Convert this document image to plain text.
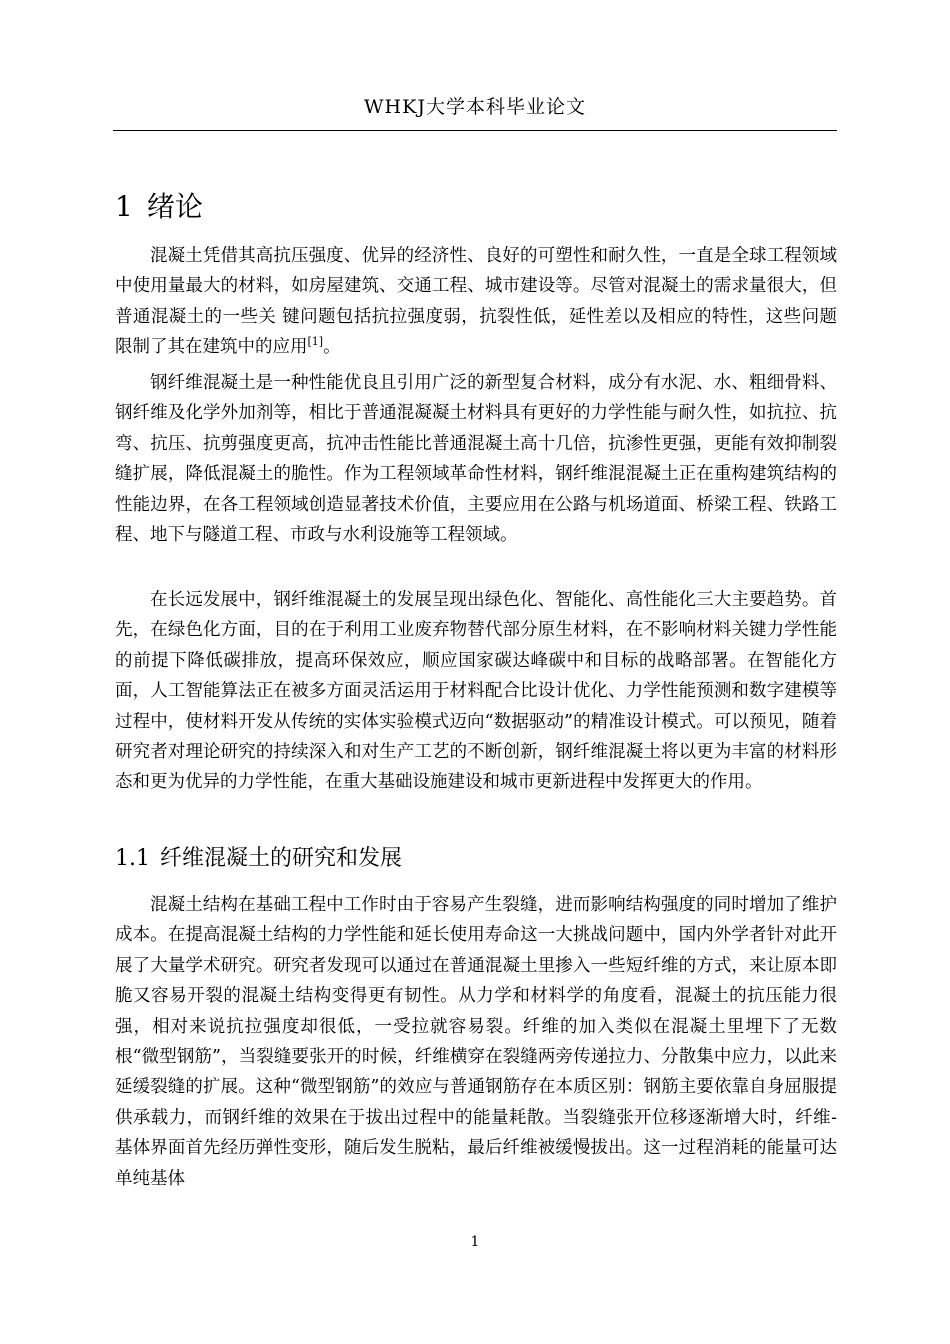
WHKJ大学本科毕业论文
1 绪论

混凝土凭借其高抗压强度、优异的经济性、良好的可塑性和耐久性，一直是全球工程领域中使用量最大的材料，如房屋建筑、交通工程、城市建设等。尽管对混凝土的需求量很大，但普通混凝土的一些关 键问题包括抗拉强度弱，抗裂性低，延性差以及相应的特性，这些问题限制了其在建筑中的应用[1]。

钢纤维混凝土是一种性能优良且引用广泛的新型复合材料，成分有水泥、水、粗细骨料、钢纤维及化学外加剂等，相比于普通混凝凝土材料具有更好的力学性能与耐久性，如抗拉、抗弯、抗压、抗剪强度更高，抗冲击性能比普通混凝土高十几倍，抗渗性更强，更能有效抑制裂缝扩展，降低混凝土的脆性。作为工程领域革命性材料，钢纤维混混凝土正在重构建筑结构的性能边界，在各工程领域创造显著技术价值，主要应用在公路与机场道面、桥梁工程、铁路工程、地下与隧道工程、市政与水利设施等工程领域。

在长远发展中，钢纤维混凝土的发展呈现出绿色化、智能化、高性能化三大主要趋势。首先，在绿色化方面，目的在于利用工业废弃物替代部分原生材料，在不影响材料关键力学性能的前提下降低碳排放，提高环保效应，顺应国家碳达峰碳中和目标的战略部署。在智能化方面，人工智能算法正在被多方面灵活运用于材料配合比设计优化、力学性能预测和数字建模等过程中，使材料开发从传统的实体实验模式迈向“数据驱动”的精准设计模式。可以预见，随着研究者对理论研究的持续深入和对生产工艺的不断创新，钢纤维混凝土将以更为丰富的材料形态和更为优异的力学性能，在重大基础设施建设和城市更新进程中发挥更大的作用。

1.1 纤维混凝土的研究和发展

混凝土结构在基础工程中工作时由于容易产生裂缝，进而影响结构强度的同时增加了维护成本。在提高混凝土结构的力学性能和延长使用寿命这一大挑战问题中，国内外学者针对此开展了大量学术研究。研究者发现可以通过在普通混凝土里掺入一些短纤维的方式，来让原本即脆又容易开裂的混凝土结构变得更有韧性。从力学和材料学的角度看，混凝土的抗压能力很强，相对来说抗拉强度却很低，一受拉就容易裂。纤维的加入类似在混凝土里埋下了无数根“微型钢筋”，当裂缝要张开的时候，纤维横穿在裂缝两旁传递拉力、分散集中应力，以此来延缓裂缝的扩展。这种“微型钢筋”的效应与普通钢筋存在本质区别：钢筋主要依靠自身屈服提供承载力，而钢纤维的效果在于拔出过程中的能量耗散。当裂缝张开位移逐渐增大时，纤维-基体界面首先经历弹性变形，随后发生脱粘，最后纤维被缓慢拔出。这一过程消耗的能量可达单纯基体

1
